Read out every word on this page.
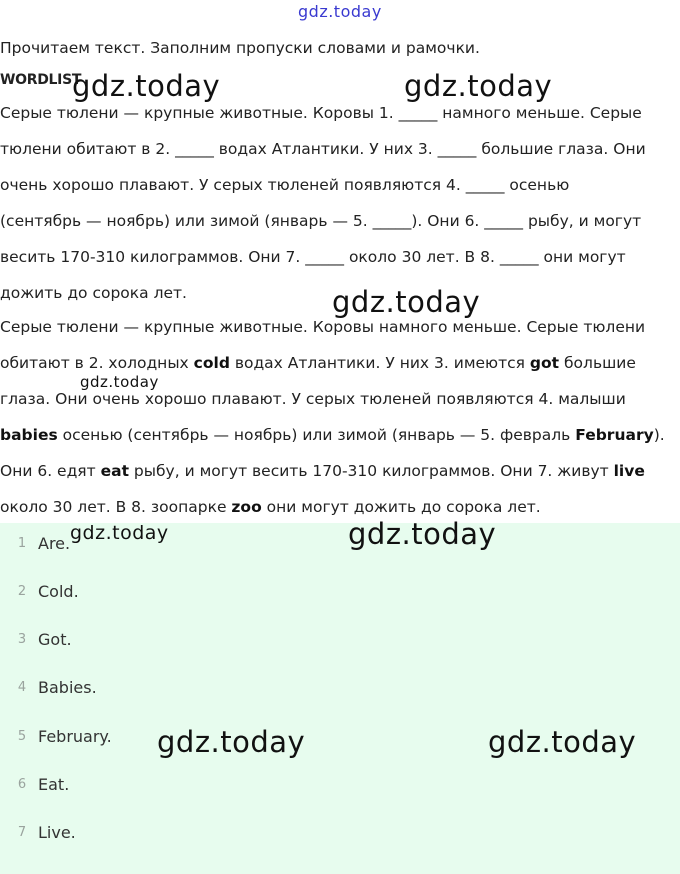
Прочитаем текст. Заполним пропуски словами и рамочки.
WORDLIST
Серые тюлени — крупные животные. Коровы 1. _____ намного меньше. Серые
тюлени обитают в 2. _____ водах Атлантики. У них 3. _____ большие глаза. Они
очень хорошо плавают. У серых тюленей появляются 4. _____ осенью
(сентябрь — ноябрь) или зимой (январь — 5. _____). Они 6. _____ рыбу, и могут
весить 170-310 килограммов. Они 7. _____ около 30 лет. В 8. _____ они могут
дожить до сорока лет.
Серые тюлени — крупные животные. Коровы намного меньше. Серые тюлени
обитают в 2. холодных cold водах Атлантики. У них 3. имеются got большие
глаза. Они очень хорошо плавают. У серых тюленей появляются 4. малыши
babies осенью (сентябрь — ноябрь) или зимой (январь — 5. февраль February).
Они 6. едят eat рыбу, и могут весить 170-310 килограммов. Они 7. живут live
около 30 лет. В 8. зоопарке zoo они могут дожить до сорока лет.
1 Are.
2 Cold.
3 Got.
4 Babies.
5 February.
6 Eat.
7 Live.
gdz.today
gdz.today	gdz.today
gdz.today
gdz.today
gdz.today	gdz.today
gdz.today	gdz.today
